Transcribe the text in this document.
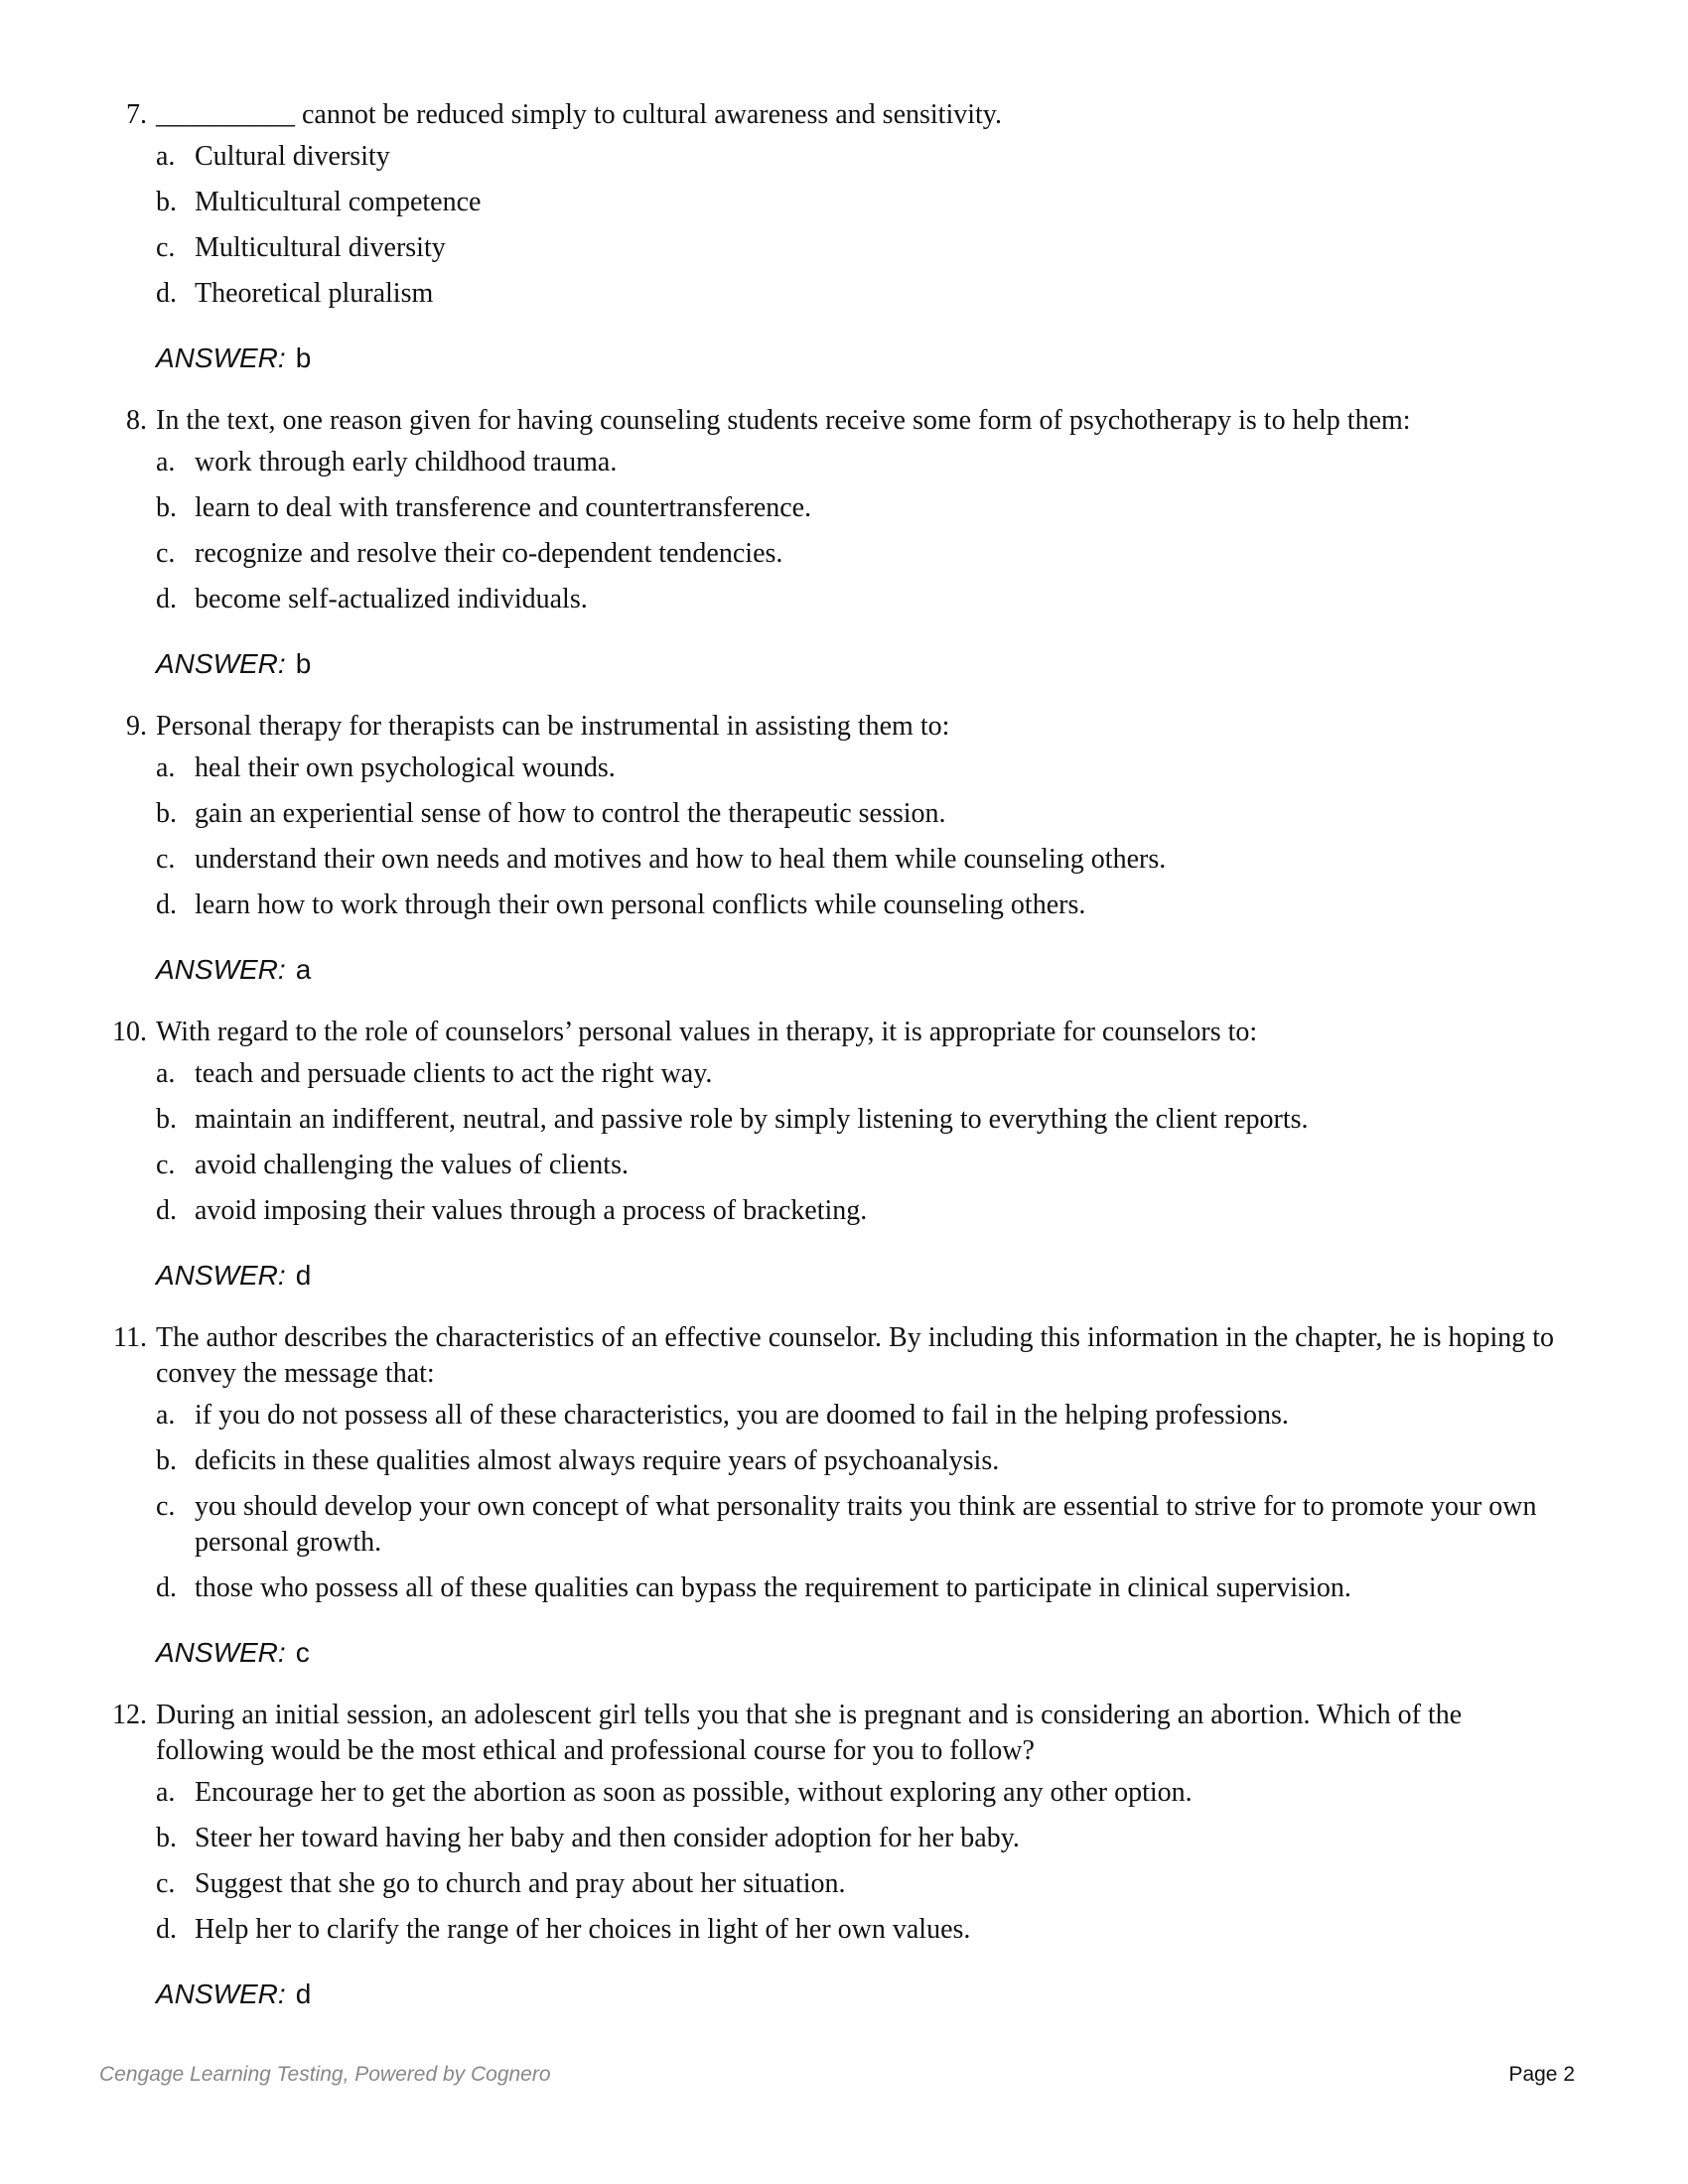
7. __________ cannot be reduced simply to cultural awareness and sensitivity.
a. Cultural diversity
b. Multicultural competence
c. Multicultural diversity
d. Theoretical pluralism
ANSWER: b
8. In the text, one reason given for having counseling students receive some form of psychotherapy is to help them:
a. work through early childhood trauma.
b. learn to deal with transference and countertransference.
c. recognize and resolve their co-dependent tendencies.
d. become self-actualized individuals.
ANSWER: b
9. Personal therapy for therapists can be instrumental in assisting them to:
a. heal their own psychological wounds.
b. gain an experiential sense of how to control the therapeutic session.
c. understand their own needs and motives and how to heal them while counseling others.
d. learn how to work through their own personal conflicts while counseling others.
ANSWER: a
10. With regard to the role of counselors’ personal values in therapy, it is appropriate for counselors to:
a. teach and persuade clients to act the right way.
b. maintain an indifferent, neutral, and passive role by simply listening to everything the client reports.
c. avoid challenging the values of clients.
d. avoid imposing their values through a process of bracketing.
ANSWER: d
11. The author describes the characteristics of an effective counselor. By including this information in the chapter, he is hoping to convey the message that:
a. if you do not possess all of these characteristics, you are doomed to fail in the helping professions.
b. deficits in these qualities almost always require years of psychoanalysis.
c. you should develop your own concept of what personality traits you think are essential to strive for to promote your own personal growth.
d. those who possess all of these qualities can bypass the requirement to participate in clinical supervision.
ANSWER: c
12. During an initial session, an adolescent girl tells you that she is pregnant and is considering an abortion. Which of the following would be the most ethical and professional course for you to follow?
a. Encourage her to get the abortion as soon as possible, without exploring any other option.
b. Steer her toward having her baby and then consider adoption for her baby.
c. Suggest that she go to church and pray about her situation.
d. Help her to clarify the range of her choices in light of her own values.
ANSWER: d
Cengage Learning Testing, Powered by Cognero	Page 2
